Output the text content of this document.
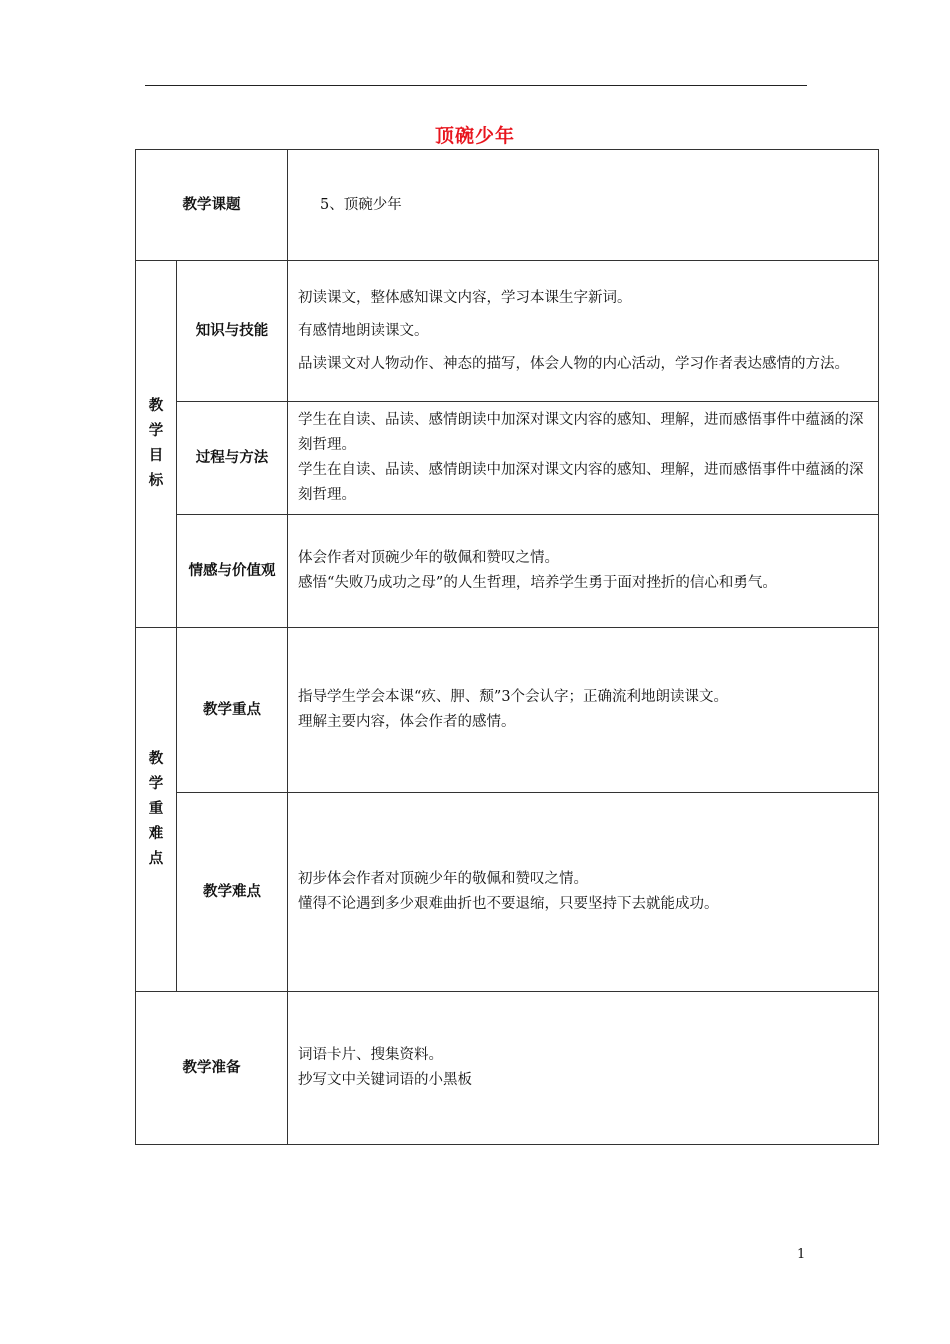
顶碗少年
教学课题		5、顶碗少年

教学目标	知识与技能	初读课文，整体感知课文内容，学习本课生字新词。

有感情地朗读课文。

品读课文对人物动作、神态的描写，体会人物的内心活动，学习作者表达感情的方法。

	过程与方法	学生在自读、品读、感情朗读中加深对课文内容的感知、理解，进而感悟事件中蕴涵的深刻哲理。

学生在自读、品读、感情朗读中加深对课文内容的感知、理解，进而感悟事件中蕴涵的深刻哲理。

	情感与价值观	体会作者对顶碗少年的敬佩和赞叹之情。

感悟“失败乃成功之母”的人生哲理，培养学生勇于面对挫折的信心和勇气。

教学重难点	教学重点	指导学生学会本课“疚、胛、颓”3个会认字；正确流利地朗读课文。

理解主要内容，体会作者的感情。

	教学难点	初步体会作者对顶碗少年的敬佩和赞叹之情。

懂得不论遇到多少艰难曲折也不要退缩，只要坚持下去就能成功。

教学准备		词语卡片、搜集资料。

抄写文中关键词语的小黑板

1
